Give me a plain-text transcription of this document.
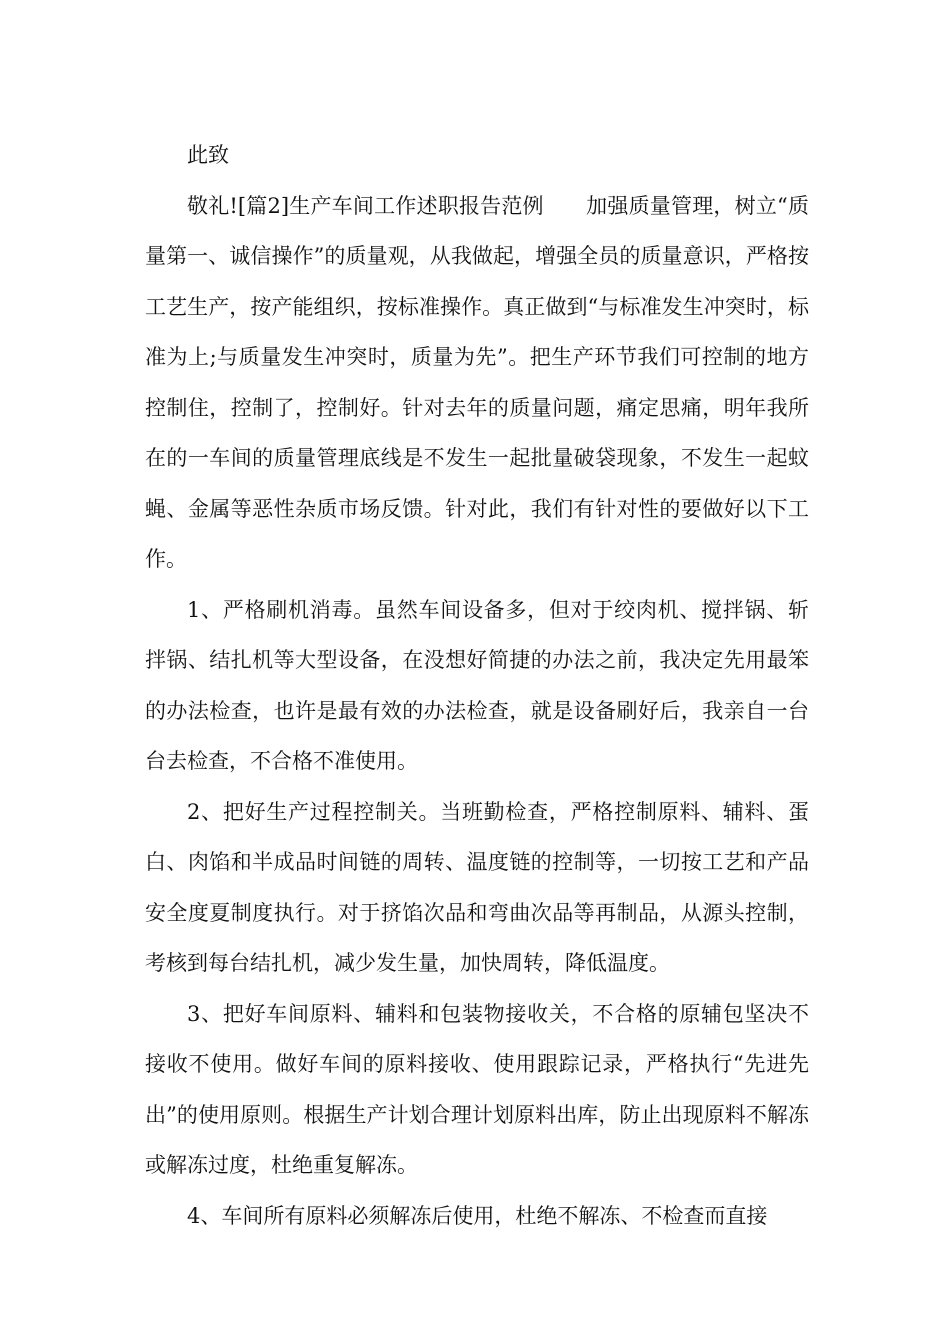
此致

敬礼![篇2]生产车间工作述职报告范例　　加强质量管理，树立“质量第一、诚信操作”的质量观，从我做起，增强全员的质量意识，严格按工艺生产，按产能组织，按标准操作。真正做到“与标准发生冲突时，标准为上;与质量发生冲突时，质量为先”。把生产环节我们可控制的地方控制住，控制了，控制好。针对去年的质量问题，痛定思痛，明年我所在的一车间的质量管理底线是不发生一起批量破袋现象，不发生一起蚊蝇、金属等恶性杂质市场反馈。针对此，我们有针对性的要做好以下工作。

1、严格刷机消毒。虽然车间设备多，但对于绞肉机、搅拌锅、斩拌锅、结扎机等大型设备，在没想好简捷的办法之前，我决定先用最笨的办法检查，也许是最有效的办法检查，就是设备刷好后，我亲自一台台去检查，不合格不准使用。

2、把好生产过程控制关。当班勤检查，严格控制原料、辅料、蛋白、肉馅和半成品时间链的周转、温度链的控制等，一切按工艺和产品安全度夏制度执行。对于挤馅次品和弯曲次品等再制品，从源头控制，考核到每台结扎机，减少发生量，加快周转，降低温度。

3、把好车间原料、辅料和包装物接收关，不合格的原辅包坚决不接收不使用。做好车间的原料接收、使用跟踪记录，严格执行“先进先出”的使用原则。根据生产计划合理计划原料出库，防止出现原料不解冻或解冻过度，杜绝重复解冻。

4、车间所有原料必须解冻后使用，杜绝不解冻、不检查而直接
